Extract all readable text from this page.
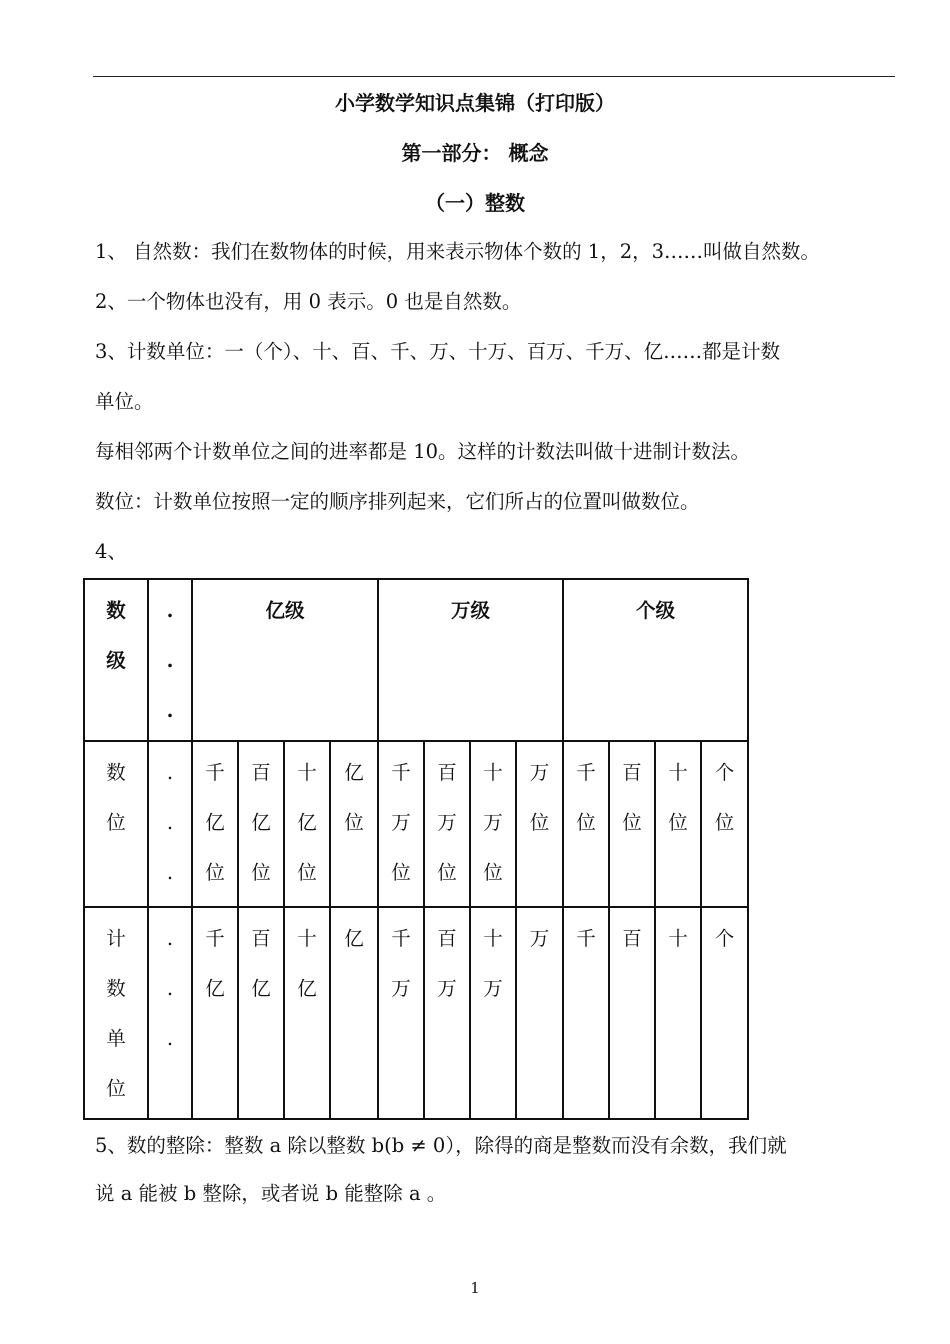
小学数学知识点集锦（打印版）
第一部分： 概念
（一）整数
1、 自然数：我们在数物体的时候，用来表示物体个数的 1，2，3……叫做自然数。
2、一个物体也没有，用 0 表示。0 也是自然数。
3、计数单位：一（个）、十、百、千、万、十万、百万、千万、亿……都是计数
单位。
每相邻两个计数单位之间的进率都是 10。这样的计数法叫做十进制计数法。
数位：计数单位按照一定的顺序排列起来，它们所占的位置叫做数位。
4、
数
级	.
.
.	亿级				万级				个级			

数
位	.
.
.	千
亿
位	百
亿
位	十
亿
位	亿
位	千
万
位	百
万
位	十
万
位	万
位	千
位	百
位	十
位	个
位

计
数
单
位	.
.
.	千
亿	百
亿	十
亿	亿	千
万	百
万	十
万	万	千	百	十	个
5、数的整除：整数 a 除以整数 b(b ≠ 0），除得的商是整数而没有余数，我们就
说 a 能被 b 整除，或者说 b 能整除 a 。
1
